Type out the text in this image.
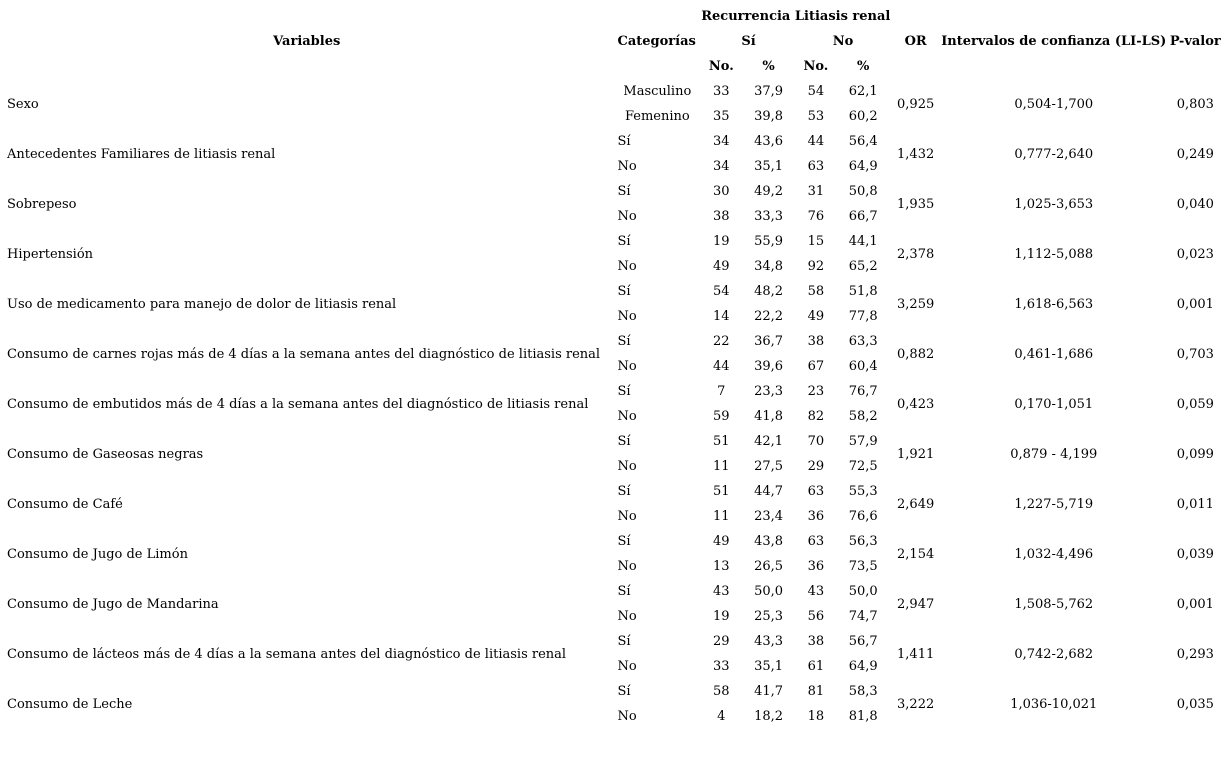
		Recurrencia Litiasis renal						
Variables	Categorías	Sí		No		OR	Intervalos de confianza (LI-LS)	P-valor
		No.	%	No.	%			
Sexo	Masculino	33	37,9	54	62,1	0,925	0,504-1,700	0,803
	Femenino	35	39,8	53	60,2			
Antecedentes Familiares de litiasis renal	Sí	34	43,6	44	56,4	1,432	0,777-2,640	0,249
	No	34	35,1	63	64,9			
Sobrepeso	Sí	30	49,2	31	50,8	1,935	1,025-3,653	0,040
	No	38	33,3	76	66,7			
Hipertensión	Sí	19	55,9	15	44,1	2,378	1,112-5,088	0,023
	No	49	34,8	92	65,2			
Uso de medicamento para manejo de dolor de litiasis renal	Sí	54	48,2	58	51,8	3,259	1,618-6,563	0,001
	No	14	22,2	49	77,8			
Consumo de carnes rojas más de 4 días a la semana antes del diagnóstico de litiasis renal	Sí	22	36,7	38	63,3	0,882	0,461-1,686	0,703
	No	44	39,6	67	60,4			
Consumo de embutidos más de 4 días a la semana antes del diagnóstico de litiasis renal	Sí	7	23,3	23	76,7	0,423	0,170-1,051	0,059
	No	59	41,8	82	58,2			
Consumo de Gaseosas negras	Sí	51	42,1	70	57,9	1,921	0,879 - 4,199	0,099
	No	11	27,5	29	72,5			
Consumo de Café	Sí	51	44,7	63	55,3	2,649	1,227-5,719	0,011
	No	11	23,4	36	76,6			
Consumo de Jugo de Limón	Sí	49	43,8	63	56,3	2,154	1,032-4,496	0,039
	No	13	26,5	36	73,5			
Consumo de Jugo de Mandarina	Sí	43	50,0	43	50,0	2,947	1,508-5,762	0,001
	No	19	25,3	56	74,7			
Consumo de lácteos más de 4 días a la semana antes del diagnóstico de litiasis renal	Sí	29	43,3	38	56,7	1,411	0,742-2,682	0,293
	No	33	35,1	61	64,9			
Consumo de Leche	Sí	58	41,7	81	58,3	3,222	1,036-10,021	0,035
	No	4	18,2	18	81,8			
